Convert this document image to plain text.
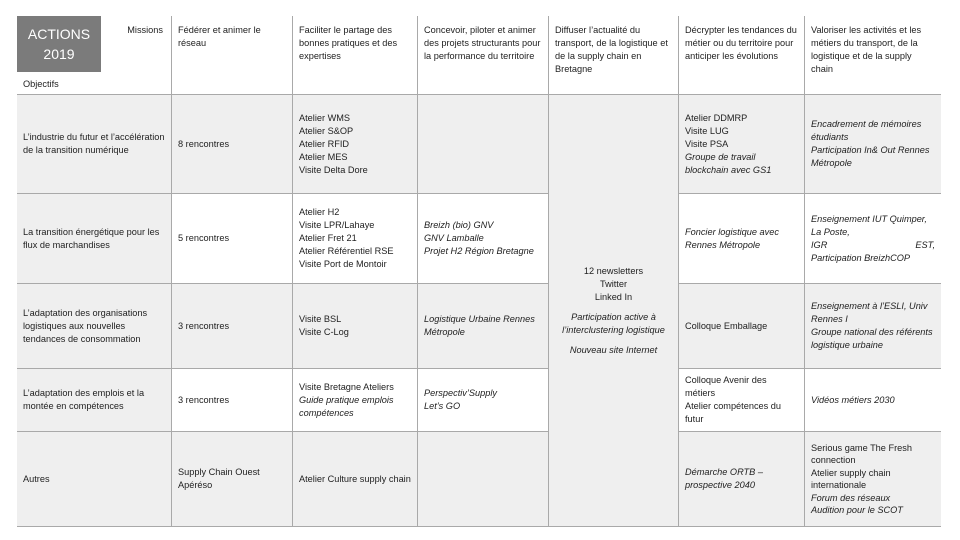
ACTIONS
2019
Missions
Objectifs	Fédérer et animer le réseau	Faciliter le partage des bonnes pratiques et des expertises	Concevoir, piloter et animer des projets structurants pour la performance du territoire	Diffuser l’actualité du transport, de la logistique et de la supply chain en Bretagne	Décrypter les tendances du métier ou du territoire pour anticiper les évolutions	Valoriser les activités et les métiers du transport, de la logistique et de la supply chain
L’industrie du futur et l’accélération de la transition numérique	8 rencontres	Atelier WMS
Atelier S&OP
Atelier RFID
Atelier MES
Visite Delta Dore		12 newsletters
Twitter
Linked In
Participation active à l’interclustering logistique
Nouveau site Internet	Atelier DDMRP
Visite LUG
Visite PSA
Groupe de travail blockchain avec GS1	Encadrement de mémoires étudiants
Participation In& Out Rennes Métropole

La transition énergétique pour les flux de marchandises	5 rencontres	Atelier H2
Visite LPR/Lahaye
Atelier Fret 21
Atelier Référentiel RSE
Visite Port de Montoir	Breizh (bio) GNV
GNV Lamballe
Projet H2 Région Bretagne		Foncier logistique avec Rennes Métropole	Enseignement IUT Quimper, La Poste,
IGR EST,
Participation BreizhCOP

L’adaptation des organisations logistiques aux nouvelles tendances de consommation	3 rencontres	Visite BSL
Visite C-Log	Logistique Urbaine Rennes Métropole		Colloque Emballage	Enseignement à l’ESLI, Univ Rennes I
Groupe national des référents logistique urbaine

L’adaptation des emplois et la montée en compétences	3 rencontres	Visite Bretagne Ateliers
Guide pratique emplois compétences	Perspectiv’Supply
Let’s GO		Colloque Avenir des métiers
Atelier compétences du futur	Vidéos métiers 2030

Autres	Supply Chain Ouest
Apéréso	Atelier Culture supply chain			Démarche ORTB – prospective 2040	Serious game The Fresh connection
Atelier supply chain internationale
Forum des réseaux
Audition pour le SCOT
